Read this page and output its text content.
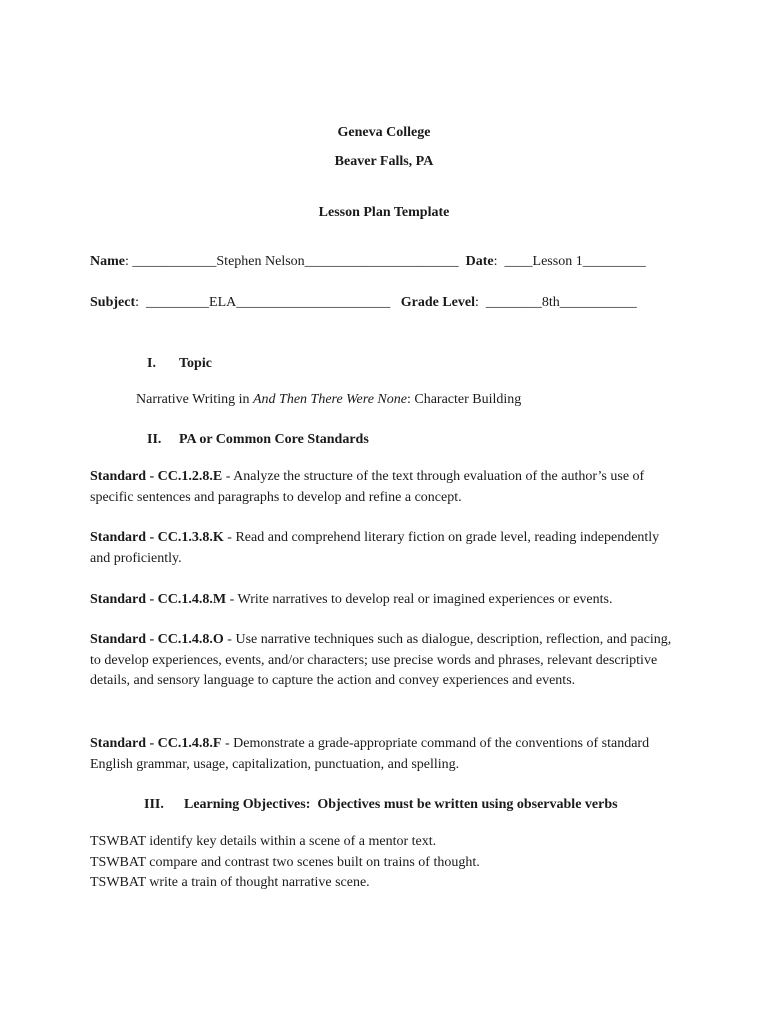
Geneva College
Beaver Falls, PA
Lesson Plan Template
Name: ____________Stephen Nelson______________________ Date:  ____Lesson 1_________
Subject:  _________ELA______________________ Grade Level:  ________8th___________
I. Topic
Narrative Writing in And Then There Were None: Character Building
II. PA or Common Core Standards
Standard - CC.1.2.8.E - Analyze the structure of the text through evaluation of the author’s use of specific sentences and paragraphs to develop and refine a concept.
Standard - CC.1.3.8.K - Read and comprehend literary fiction on grade level, reading independently and proficiently.
Standard - CC.1.4.8.M - Write narratives to develop real or imagined experiences or events.
Standard - CC.1.4.8.O - Use narrative techniques such as dialogue, description, reflection, and pacing, to develop experiences, events, and/or characters; use precise words and phrases, relevant descriptive details, and sensory language to capture the action and convey experiences and events.
Standard - CC.1.4.8.F - Demonstrate a grade-appropriate command of the conventions of standard English grammar, usage, capitalization, punctuation, and spelling.
III. Learning Objectives:  Objectives must be written using observable verbs
TSWBAT identify key details within a scene of a mentor text.
TSWBAT compare and contrast two scenes built on trains of thought.
TSWBAT write a train of thought narrative scene.
